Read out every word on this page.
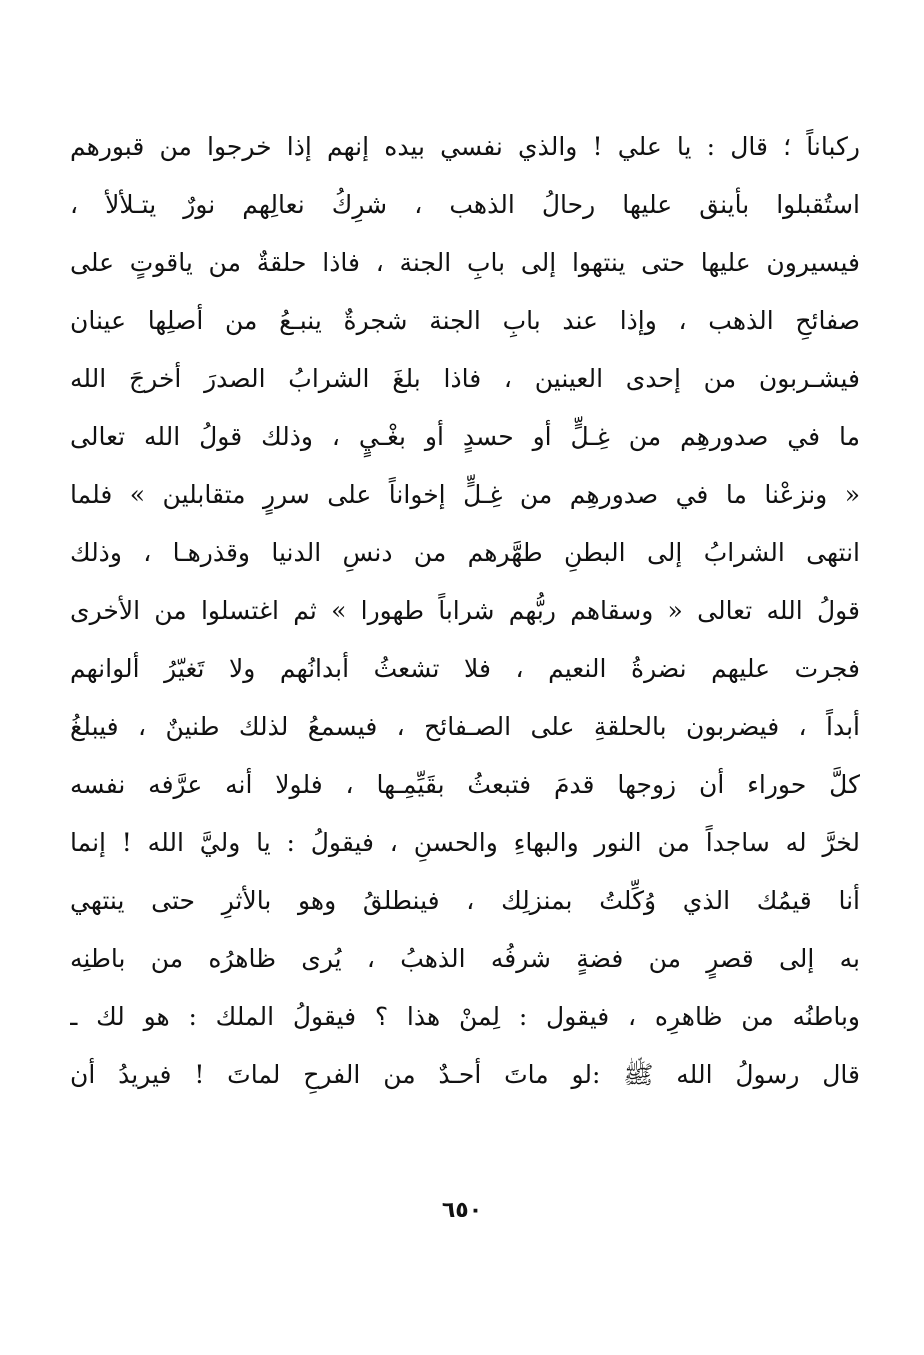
ركباناً ؛ قال : يا علي ! والذي نفسي بيده إنهم إذا خرجوا من قبورهم
استُقبلوا بأينق عليها رحالُ الذهب ، شرِكُ نعالِهم نورٌ يتـلألأ ،
فيسيرون عليها حتى ينتهوا إلى بابِ الجنة ، فاذا حلقةٌ من ياقوتٍ على
صفائحِ الذهب ، وإذا عند بابِ الجنة شجرةٌ ينبـعُ من أصلِها عينان
فيشـربون من إحدى العينين ، فاذا بلغَ الشرابُ الصدرَ أخرجَ الله
ما في صدورهِم من غِـلٍّ أو حسدٍ أو بغْـيٍ ، وذلك قولُ الله تعالى
« ونزعْنا ما في صدورهِم من غِـلٍّ إخواناً على سررٍ متقابلين » فلما
انتهى الشرابُ إلى البطنِ طهَّرهم من دنسِ الدنيا وقذرهـا ، وذلك
قولُ الله تعالى « وسقاهم ربُّهم شراباً طهورا » ثم اغتسلوا من الأخرى
فجرت عليهم نضرةُ النعيم ، فلا تشعثُ أبدانُهم ولا تَغيّرُ ألوانهم
أبداً ، فيضربون بالحلقةِ على الصـفائح ، فيسمعُ لذلك طنينٌ ، فيبلغُ
كلَّ حوراء أن زوجها قدمَ فتبعثُ بقَيِّمِـها ، فلولا أنه عرَّفه نفسه
لخرَّ له ساجداً من النور والبهاءِ والحسنِ ، فيقولُ : يا وليَّ الله ! إنما
أنا قيمُك الذي وُكِّلتُ بمنزلِك ، فينطلقُ وهو بالأثرِ حتى ينتهي
به إلى قصرٍ من فضةٍ شرفُه الذهبُ ، يُرى ظاهرُه من باطنِه
وباطنُه من ظاهرِه ، فيقول : لِمنْ هذا ؟ فيقولُ الملك : هو لك ـ
قال رسولُ الله ﷺ :لو ماتَ أحـدٌ من الفرحِ لماتَ ! فيريدُ أن
٦٥٠
